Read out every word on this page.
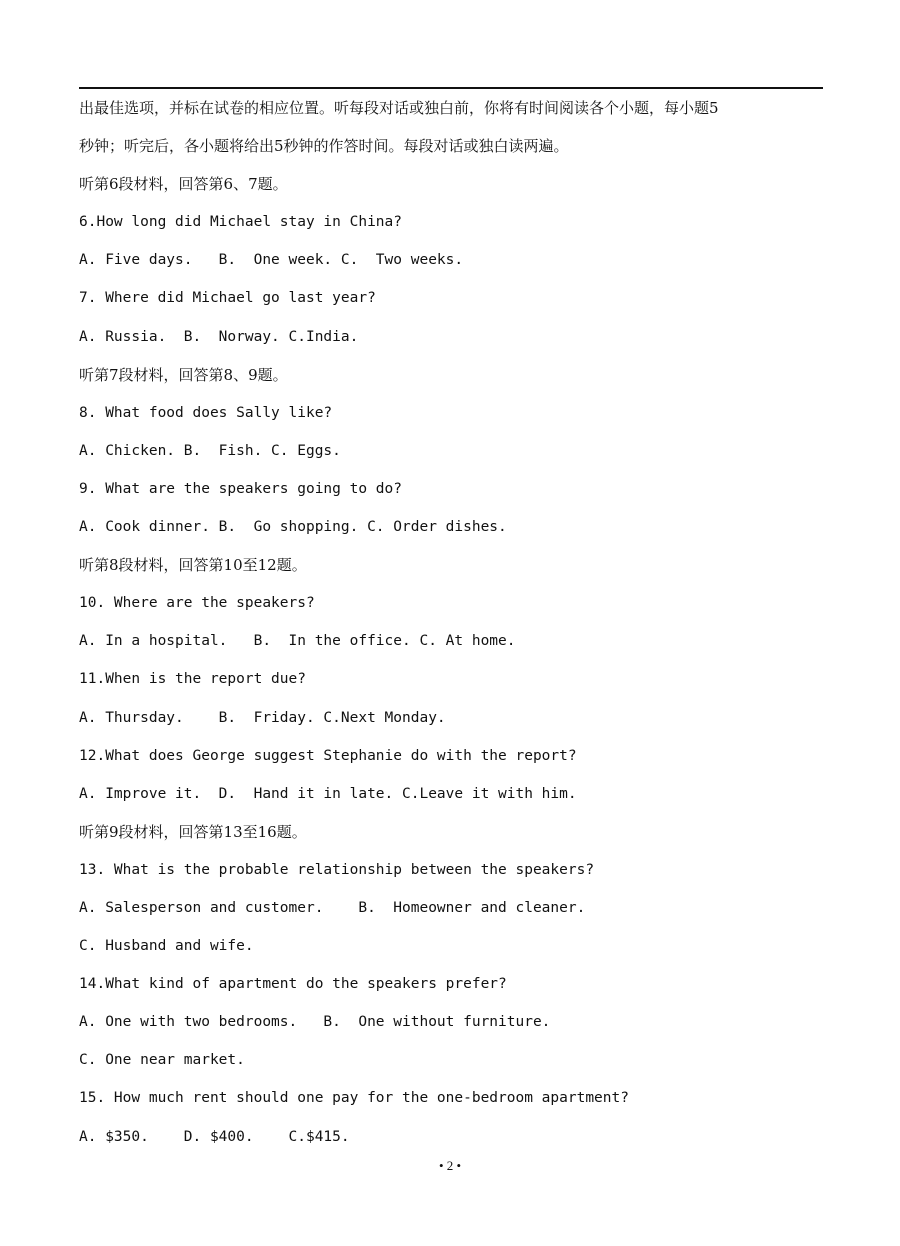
出最佳选项，并标在试卷的相应位置。听每段对话或独白前，你将有时间阅读各个小题，每小题5
秒钟；听完后，各小题将给出5秒钟的作答时间。每段对话或独白读两遍。
听第6段材料，回答第6、7题。
6.How long did Michael stay in China?
A. Five days.   B.  One week. C.  Two weeks.
7. Where did Michael go last year?
A. Russia.  B.  Norway. C.India.
听第7段材料，回答第8、9题。
8. What food does Sally like?
A. Chicken. B.  Fish. C. Eggs.
9. What are the speakers going to do?
A. Cook dinner. B.  Go shopping. C. Order dishes.
听第8段材料，回答第10至12题。
10. Where are the speakers?
A. In a hospital.   B.  In the office. C. At home.
11.When is the report due?
A. Thursday.    B.  Friday. C.Next Monday.
12.What does George suggest Stephanie do with the report?
A. Improve it.  D.  Hand it in late. C.Leave it with him.
听第9段材料，回答第13至16题。
13. What is the probable relationship between the speakers?
A. Salesperson and customer.    B.  Homeowner and cleaner.
C. Husband and wife.
14.What kind of apartment do the speakers prefer?
A. One with two bedrooms.   B.  One without furniture.
C. One near market.
15. How much rent should one pay for the one-bedroom apartment?
A. $350.    D. $400.    C.$415.
• 2 •
